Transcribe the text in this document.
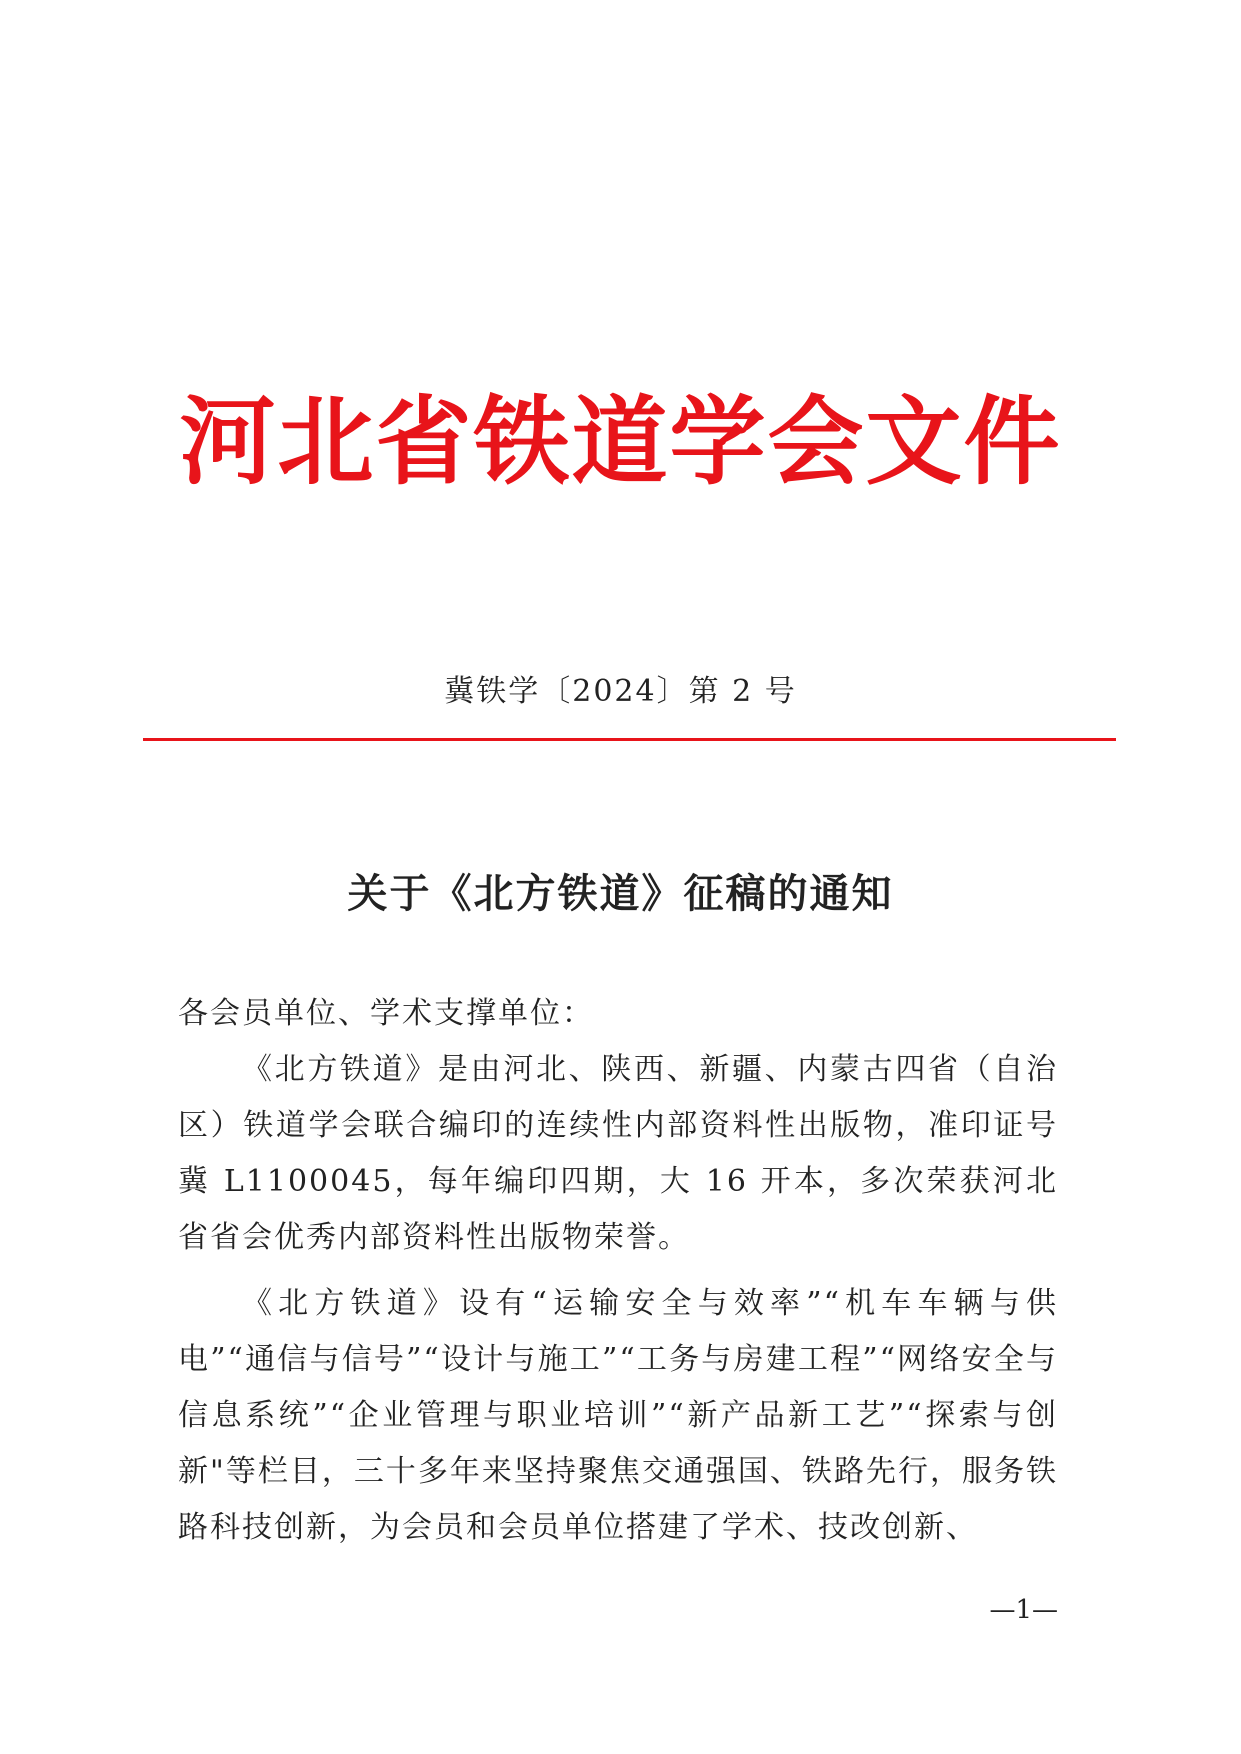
河北省铁道学会文件
冀铁学〔2024〕第 2 号
关于《北方铁道》征稿的通知

各会员单位、学术支撑单位：

《北方铁道》是由河北、陕西、新疆、内蒙古四省（自治区）铁道学会联合编印的连续性内部资料性出版物，准印证号冀 L1100045，每年编印四期，大 16 开本，多次荣获河北省省会优秀内部资料性出版物荣誉。

《北方铁道》设有“运输安全与效率”“机车车辆与供电”“通信与信号”“设计与施工”“工务与房建工程”“网络安全与信息系统”“企业管理与职业培训”“新产品新工艺”“探索与创新"等栏目，三十多年来坚持聚焦交通强国、铁路先行，服务铁路科技创新，为会员和会员单位搭建了学术、技改创新、

—1—
